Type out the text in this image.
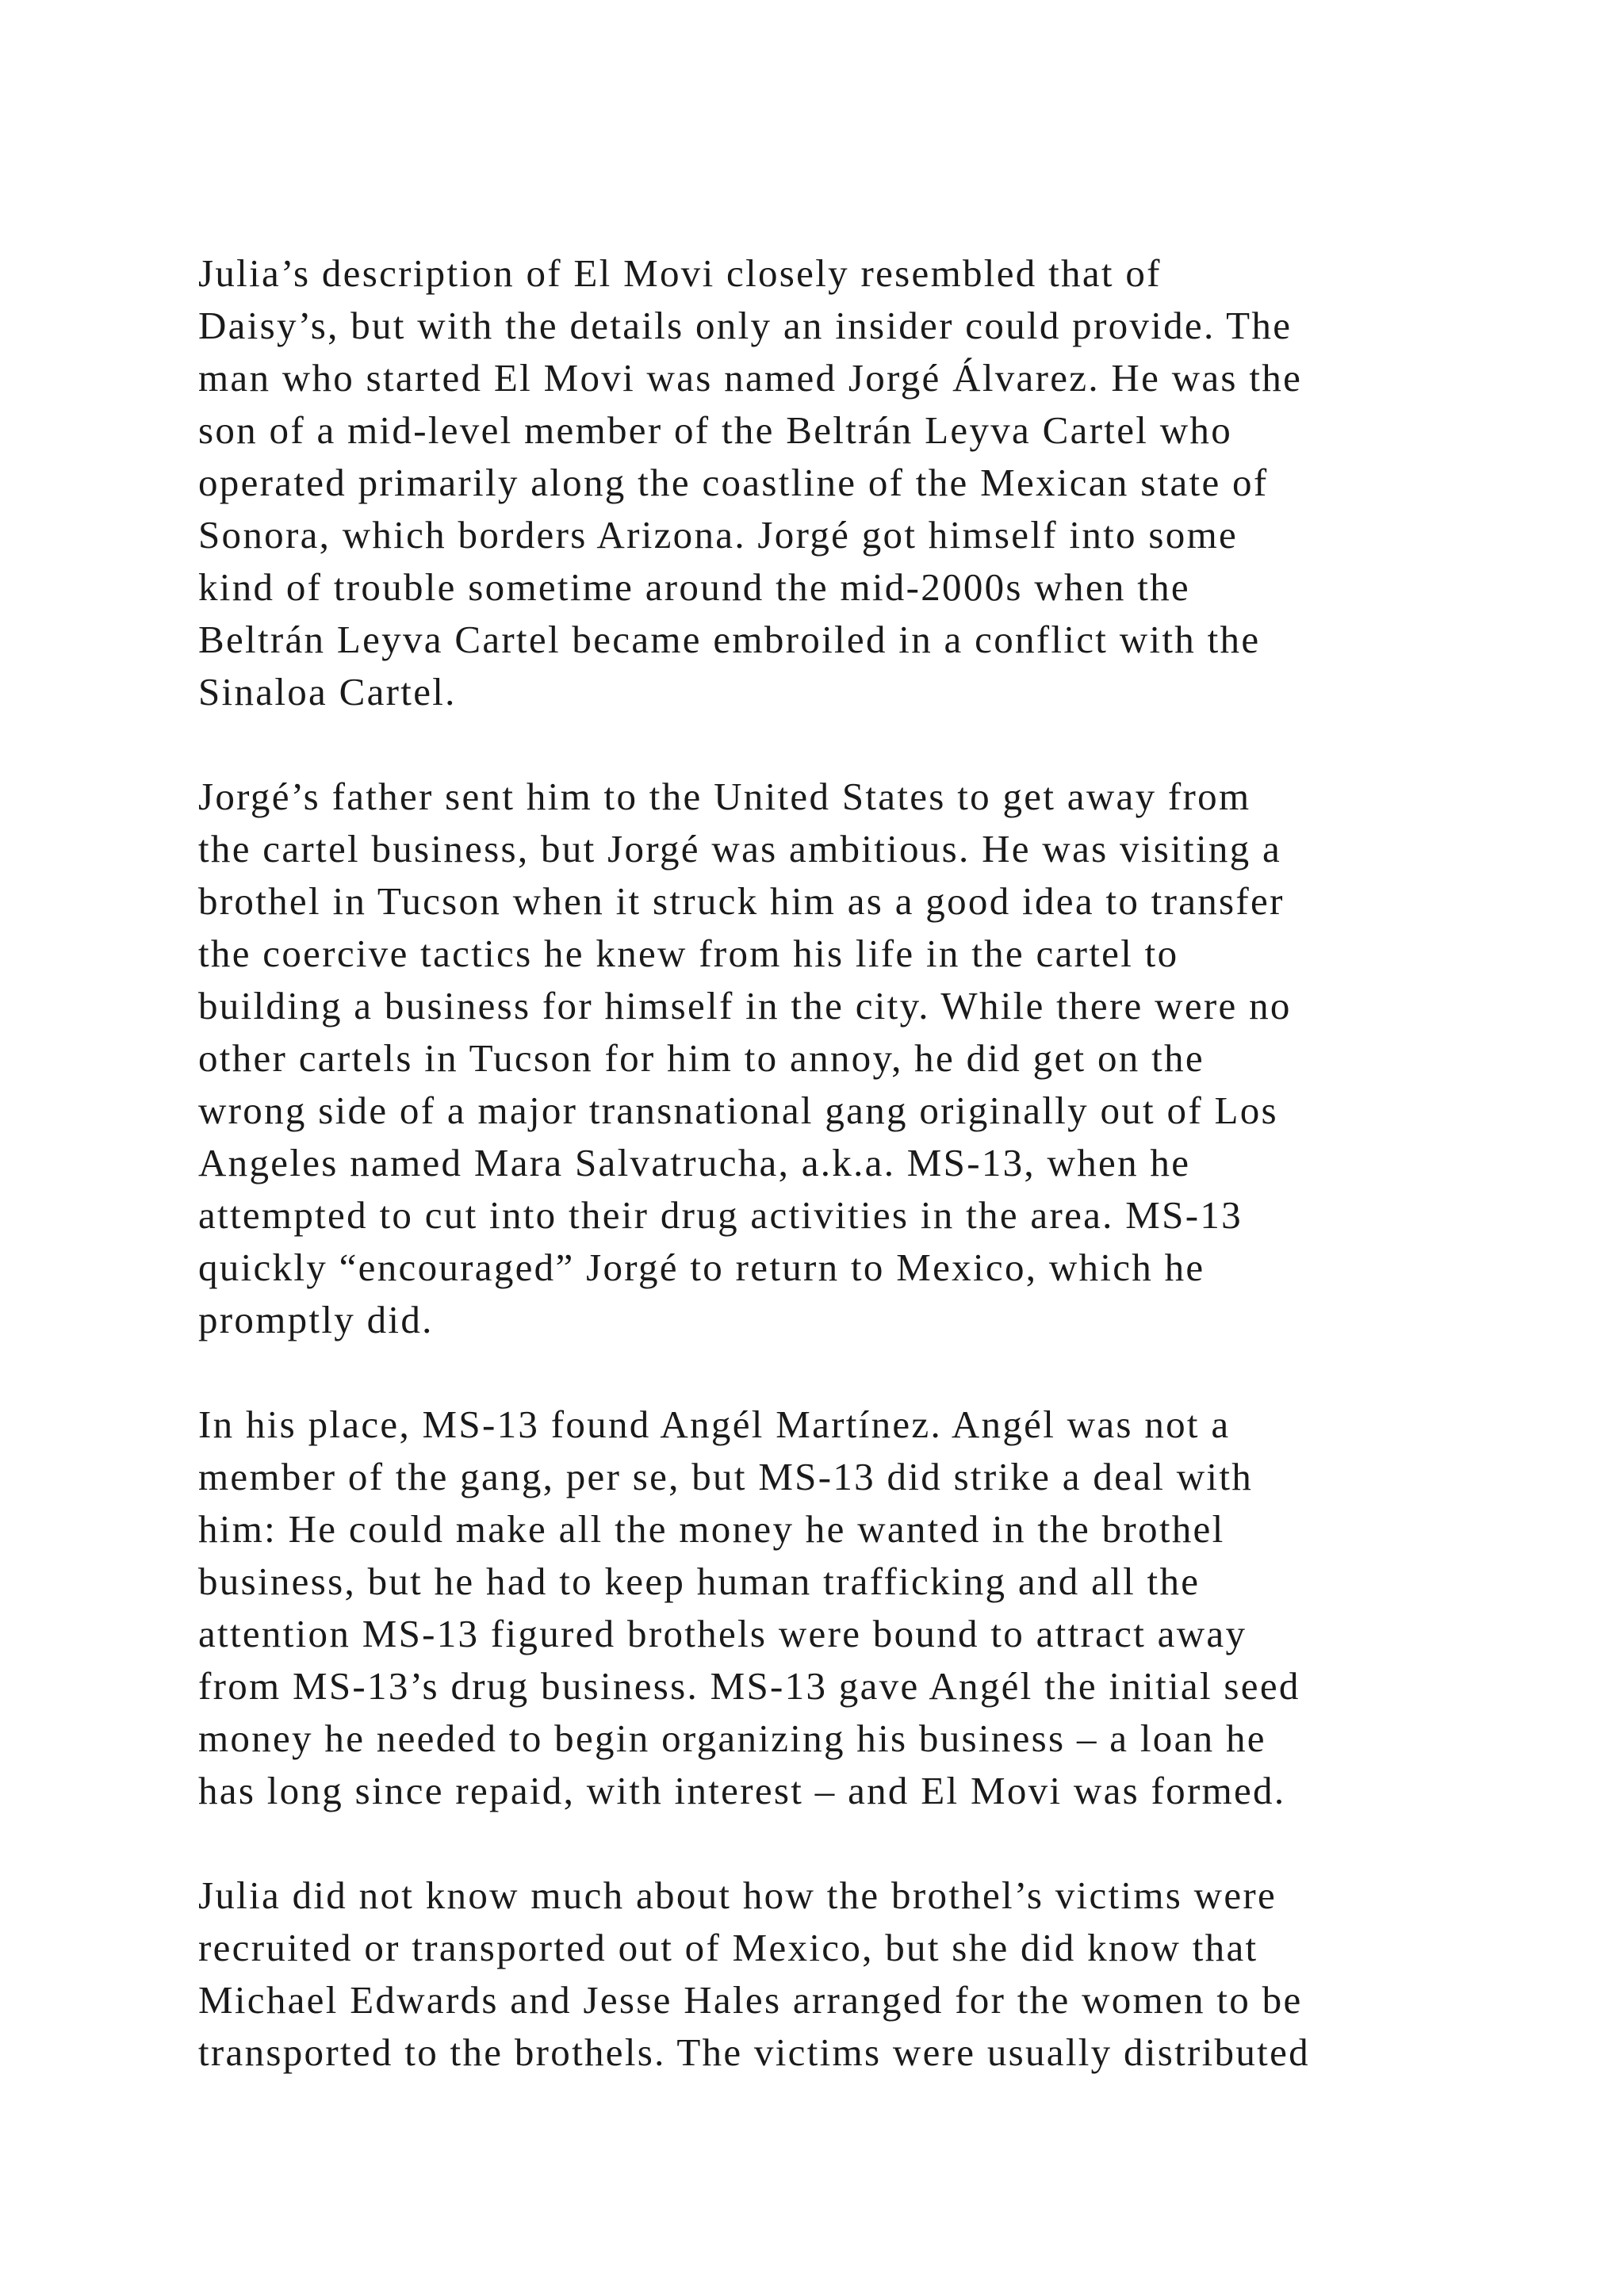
Julia’s description of El Movi closely resembled that of
Daisy’s, but with the details only an insider could provide. The
man who started El Movi was named Jorgé Álvarez. He was the
son of a mid-level member of the Beltrán Leyva Cartel who
operated primarily along the coastline of the Mexican state of
Sonora, which borders Arizona. Jorgé got himself into some
kind of trouble sometime around the mid-2000s when the
Beltrán Leyva Cartel became embroiled in a conflict with the
Sinaloa Cartel.

Jorgé’s father sent him to the United States to get away from
the cartel business, but Jorgé was ambitious. He was visiting a
brothel in Tucson when it struck him as a good idea to transfer
the coercive tactics he knew from his life in the cartel to
building a business for himself in the city. While there were no
other cartels in Tucson for him to annoy, he did get on the
wrong side of a major transnational gang originally out of Los
Angeles named Mara Salvatrucha, a.k.a. MS-13, when he
attempted to cut into their drug activities in the area. MS-13
quickly “encouraged” Jorgé to return to Mexico, which he
promptly did.

In his place, MS-13 found Angél Martínez. Angél was not a
member of the gang, per se, but MS-13 did strike a deal with
him: He could make all the money he wanted in the brothel
business, but he had to keep human trafficking and all the
attention MS-13 figured brothels were bound to attract away
from MS-13’s drug business. MS-13 gave Angél the initial seed
money he needed to begin organizing his business – a loan he
has long since repaid, with interest – and El Movi was formed.

Julia did not know much about how the brothel’s victims were
recruited or transported out of Mexico, but she did know that
Michael Edwards and Jesse Hales arranged for the women to be
transported to the brothels. The victims were usually distributed
